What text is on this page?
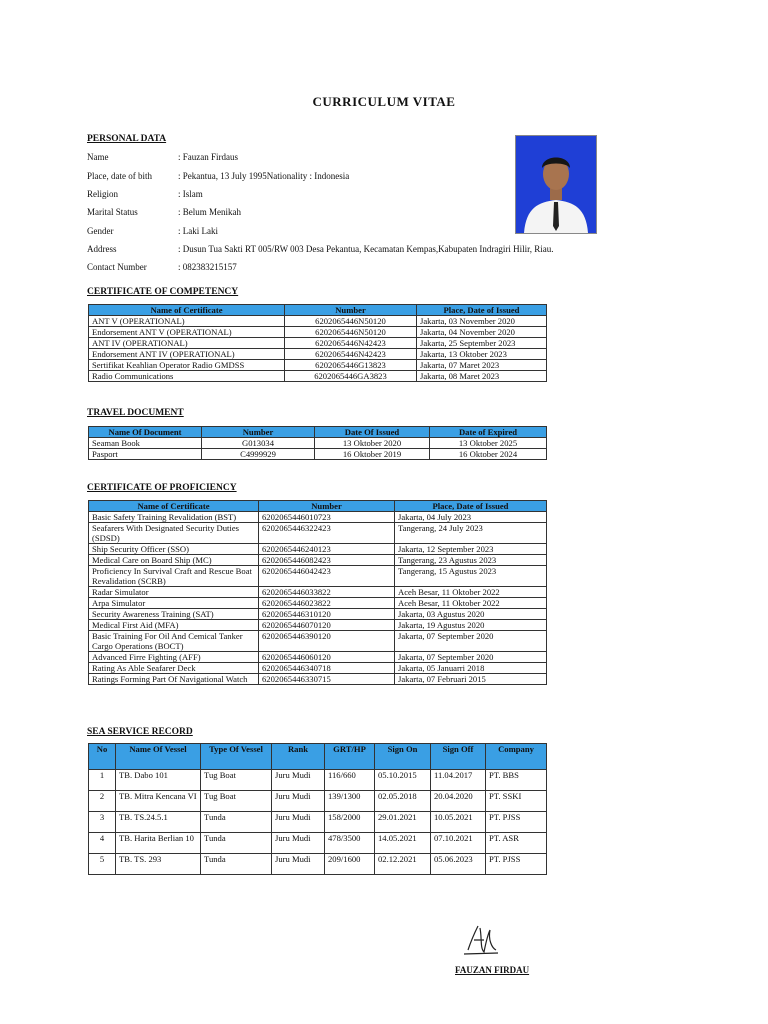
CURRICULUM VITAE
PERSONAL DATA
Name	: Fauzan Firdaus
Place, date of bith	: Pekantua, 13 July 1995Nationality : Indonesia
Religion	: Islam
Marital Status	: Belum Menikah
Gender	: Laki Laki
Address	: Dusun Tua Sakti RT 005/RW 003 Desa Pekantua, Kecamatan Kempas,Kabupaten Indragiri Hilir, Riau.
Contact Number	: 082383215157
CERTIFICATE OF COMPETENCY
Name of Certificate	Number	Place, Date of Issued
ANT V (OPERATIONAL)	6202065446N50120	Jakarta, 03 November 2020
Endorsement ANT V (OPERATIONAL)	6202065446N50120	Jakarta, 04 November 2020
ANT IV (OPERATIONAL)	6202065446N42423	Jakarta, 25 September 2023
Endorsement ANT IV (OPERATIONAL)	6202065446N42423	Jakarta, 13 Oktober 2023
Sertifikat Keahlian Operator Radio GMDSS	6202065446G13823	Jakarta, 07 Maret 2023
Radio Communications	6202065446GA3823	Jakarta, 08 Maret 2023
TRAVEL DOCUMENT
Name Of Document	Number	Date Of Issued	Date of Expired
Seaman Book	G013034	13 Oktober 2020	13 Oktober 2025
Pasport	C4999929	16 Oktober 2019	16 Oktober 2024
CERTIFICATE OF PROFICIENCY
Name of Certificate	Number	Place, Date of Issued
Basic Safety Training Revalidation (BST)	6202065446010723	Jakarta, 04 July 2023
Seafarers With Designated Security Duties (SDSD)	6202065446322423	Tangerang, 24 July 2023
Ship Security Officer (SSO)	6202065446240123	Jakarta, 12 September 2023
Medical Care on Board Ship (MC)	6202065446082423	Tangerang, 23 Agustus 2023
Proficiency In Survival Craft and Rescue Boat Revalidation (SCRB)	6202065446042423	Tangerang, 15 Agustus 2023
Radar Simulator	6202065446033822	Aceh Besar, 11 Oktober 2022
Arpa Simulator	6202065446023822	Aceh Besar, 11 Oktober 2022
Security Awareness Training (SAT)	6202065446310120	Jakarta, 03 Agustus 2020
Medical First Aid (MFA)	6202065446070120	Jakarta, 19 Agustus 2020
Basic Training For Oil And Cemical Tanker Cargo Operations (BOCT)	6202065446390120	Jakarta, 07 September 2020
Advanced Firre Fighting (AFF)	6202065446060120	Jakarta, 07 September 2020
Rating As Able Seafarer Deck	6202065446340718	Jakarta, 05 Januarri 2018
Ratings Forming Part Of Navigational Watch	6202065446330715	Jakarta, 07 Februari 2015
SEA SERVICE RECORD
No	Name Of Vessel	Type Of Vessel	Rank	GRT/HP	Sign On	Sign Off	Company
1	TB. Dabo 101	Tug Boat	Juru Mudi	116/660	05.10.2015	11.04.2017	PT. BBS
2	TB. Mitra Kencana VI	Tug Boat	Juru Mudi	139/1300	02.05.2018	20.04.2020	PT. SSKI
3	TB. TS.24.5.1	Tunda	Juru Mudi	158/2000	29.01.2021	10.05.2021	PT. PJSS
4	TB. Harita Berlian 10	Tunda	Juru Mudi	478/3500	14.05.2021	07.10.2021	PT. ASR
5	TB. TS. 293	Tunda	Juru Mudi	209/1600	02.12.2021	05.06.2023	PT. PJSS
FAUZAN FIRDAU
